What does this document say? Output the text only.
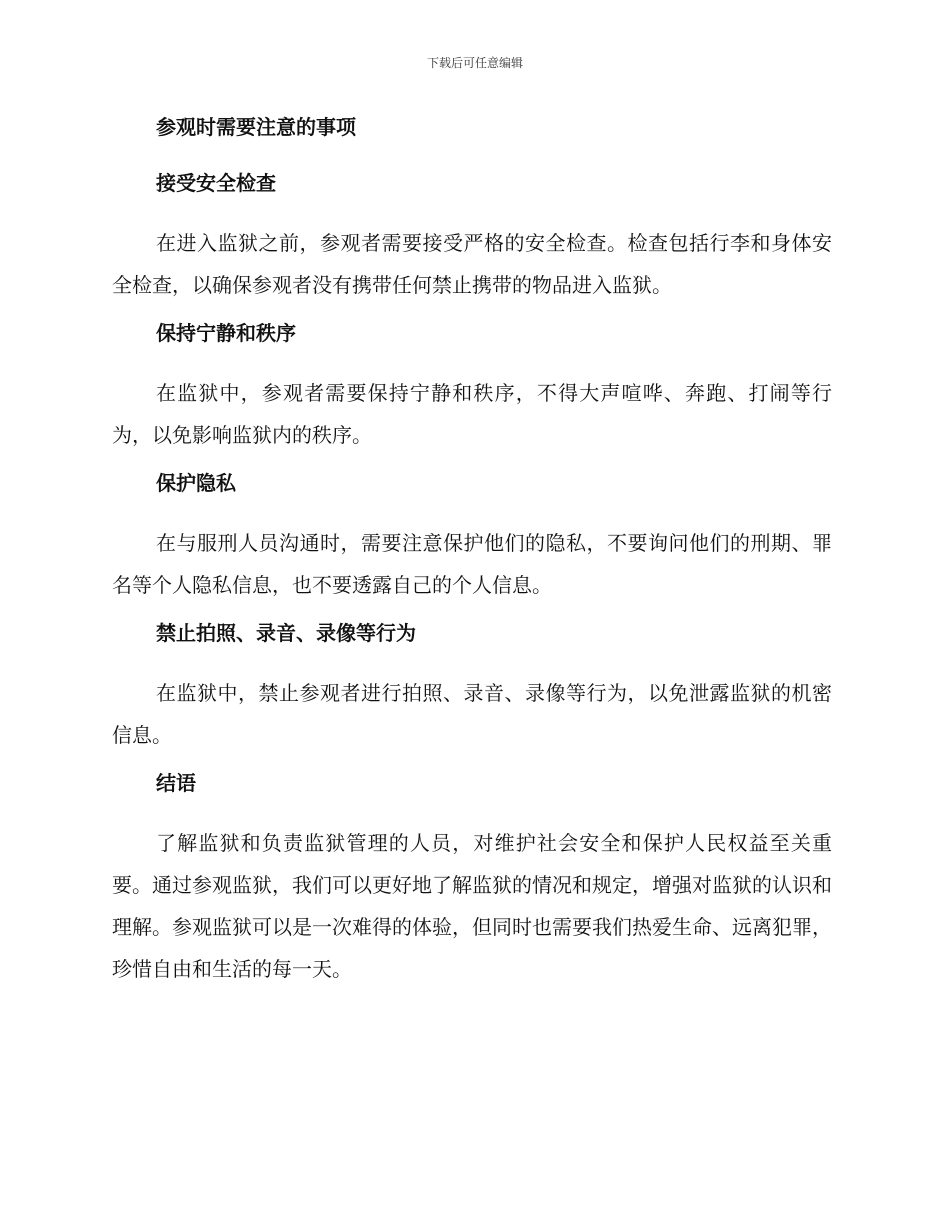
下载后可任意编辑
参观时需要注意的事项
接受安全检查

在进入监狱之前，参观者需要接受严格的安全检查。检查包括行李和身体安全检查，以确保参观者没有携带任何禁止携带的物品进入监狱。

保持宁静和秩序

在监狱中，参观者需要保持宁静和秩序，不得大声喧哗、奔跑、打闹等行为，以免影响监狱内的秩序。

保护隐私

在与服刑人员沟通时，需要注意保护他们的隐私，不要询问他们的刑期、罪名等个人隐私信息，也不要透露自己的个人信息。

禁止拍照、录音、录像等行为

在监狱中，禁止参观者进行拍照、录音、录像等行为，以免泄露监狱的机密信息。

结语

了解监狱和负责监狱管理的人员，对维护社会安全和保护人民权益至关重要。通过参观监狱，我们可以更好地了解监狱的情况和规定，增强对监狱的认识和理解。参观监狱可以是一次难得的体验，但同时也需要我们热爱生命、远离犯罪，珍惜自由和生活的每一天。
